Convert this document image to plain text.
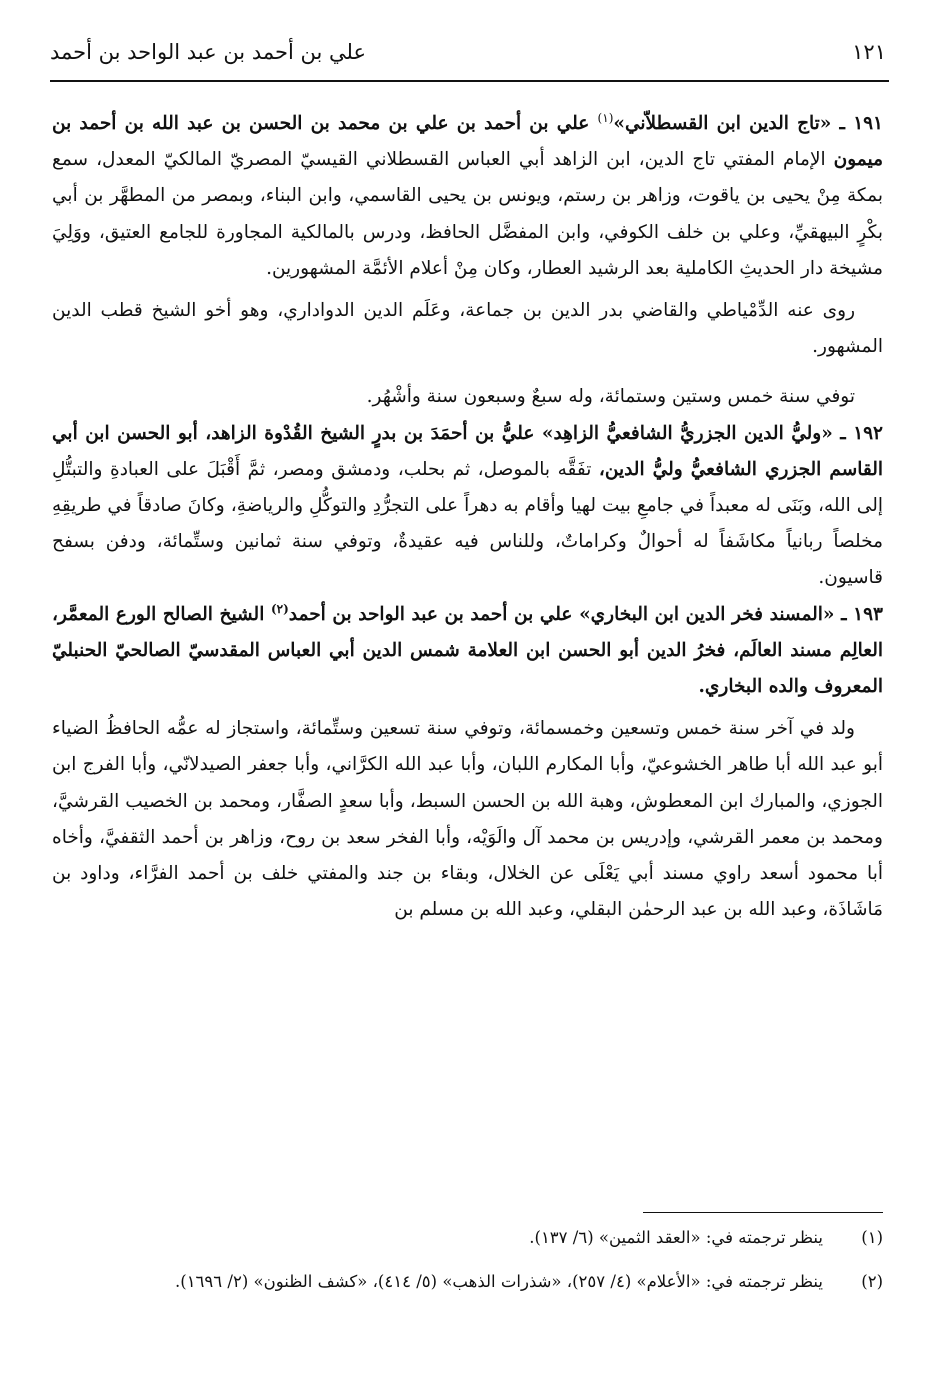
علي بن أحمد بن عبد الواحد بن أحمد	١٢١

١٩١ ـ «تاج الدين ابن القسطلاّني»$^{(١)}$ علي بن أحمد بن علي بن محمد بن الحسن بن عبد الله بن أحمد بن ميمون الإمام المفتي تاج الدين، ابن الزاهد أبي العباس القسطلاني القيسيّ المصريّ المالكيّ المعدل، سمع بمكة مِنْ يحيى بن ياقوت، وزاهر بن رستم، ويونس بن يحيى القاسمي، وابن البناء، وبمصر من المطهَّر بن أبي بكْرٍ البيهقيِّ، وعلي بن خلف الكوفي، وابن المفضَّل الحافظ، ودرس بالمالكية المجاورة للجامع العتيق، ووَلِيَ مشيخة دار الحديثِ الكاملية بعد الرشيد العطار، وكان مِنْ أعلام الأئمَّة المشهورين.

روى عنه الدِّمْياطي والقاضي بدر الدين بن جماعة، وعَلَم الدين الدواداري، وهو أخو الشيخ قطب الدين المشهور.

توفي سنة خمس وستين وستمائة، وله سبعٌ وسبعون سنة وأشْهُر.

١٩٢ ـ «وليُّ الدين الجزريُّ الشافعيُّ الزاهِد» عليُّ بن أحمَدَ بن بدرٍ الشيخ القُدْوة الزاهد، أبو الحسن ابن أبي القاسم الجزري الشافعيُّ وليُّ الدين، تفَقَّه بالموصل، ثم بحلب، ودمشق ومصر، ثمَّ أَقْبَلَ على العبادةِ والتبتُّلِ إلى الله، وبَنَى له معبداً في جامعِ بيت لهيا وأقام به دهراً على التجرُّدِ والتوكُّلِ والرياضةِ، وكانَ صادقاً في طريقِهِ مخلصاً ربانياً مكاشَفاً له أحوالٌ وكراماتٌ، وللناس فيه عقيدةٌ، وتوفي سنة ثمانين وستِّمائة، ودفن بسفح قاسيون.

١٩٣ ـ «المسند فخر الدين ابن البخاري» علي بن أحمد بن عبد الواحد بن أحمد$^{(٢)}$ الشيخ الصالح الورع المعمَّر، العالِم مسند العالَم، فخرُ الدين أبو الحسن ابن العلامة شمس الدين أبي العباس المقدسيّ الصالحيّ الحنبليّ المعروف والده البخاري.

ولد في آخر سنة خمس وتسعين وخمسمائة، وتوفي سنة تسعين وستِّمائة، واستجاز له عمُّه الحافظُ الضياء أبو عبد الله أبا طاهر الخشوعيّ، وأبا المكارم اللبان، وأبا عبد الله الكرَّاني، وأبا جعفر الصيدلانّي، وأبا الفرج ابن الجوزي، والمبارك ابن المعطوش، وهبة الله بن الحسن السبط، وأبا سعدٍ الصفَّار، ومحمد بن الخصيب القرشيَّ، ومحمد بن معمر القرشي، وإدريس بن محمد آل والَوَيْه، وأبا الفخر سعد بن روح، وزاهر بن أحمد الثقفيَّ، وأخاه أبا محمود أسعد راوي مسند أبي يَعْلَى عن الخلال، وبقاء بن جند والمفتي خلف بن أحمد الفرَّاء، وداود بن مَاشَاذَة، وعبد الله بن عبد الرحمٰن البقلي، وعبد الله بن مسلم بن

(١)
ينظر ترجمته في: «العقد الثمين» (٦/ ١٣٧).
(٢)
ينظر ترجمته في: «الأعلام» (٤/ ٢٥٧)، «شذرات الذهب» (٥/ ٤١٤)، «كشف الظنون» (٢/ ١٦٩٦).
